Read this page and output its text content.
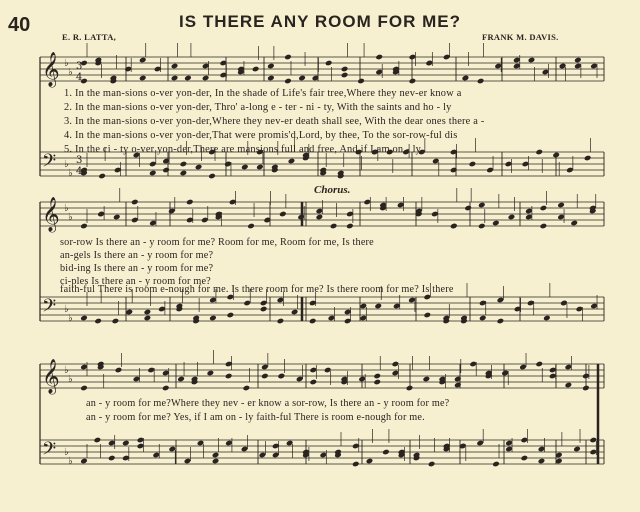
40	IS THERE ANY ROOM FOR ME?
E. R. LATTA,	FRANK M. DAVIS.
𝄞
𝄢
♭
♭
♭
♭
3
4
3
4
𝄞
𝄢
♭
♭
♭
♭
𝄞
𝄢
♭
♭
♭
♭
1. In the man-sions o-ver yon-der, In the shade of Life's fair tree,Where they nev-er know a
2. In the man-sions o-ver yon-der, Thro' a-long e - ter - ni - ty, With the saints and ho - ly
3. In the man-sions o-ver yon-der,Where they nev-er death shall see, With the dear ones there a -
4. In the man-sions o-ver yon-der,That were promis'd,Lord, by thee, To the sor-row-ful dis
5. In the ci - ty o-ver yon-der,There are mansions full and free, And if I am on - ly
Chorus.
sor-row Is there an - y room for me? Room for me, Room for me, Is there
an-gels Is there an - y room for me?
bid-ing Is there an - y room for me?
ci-ples Is there an - y room for me?
faith-ful There is room e-nough for me. Is there room for me? Is there room for me? Is there
an - y room for me?Where they nev - er know a sor-row, Is there an - y room for me?
an - y room for me? Yes, if I am on - ly faith-ful There is room e-nough for me.
